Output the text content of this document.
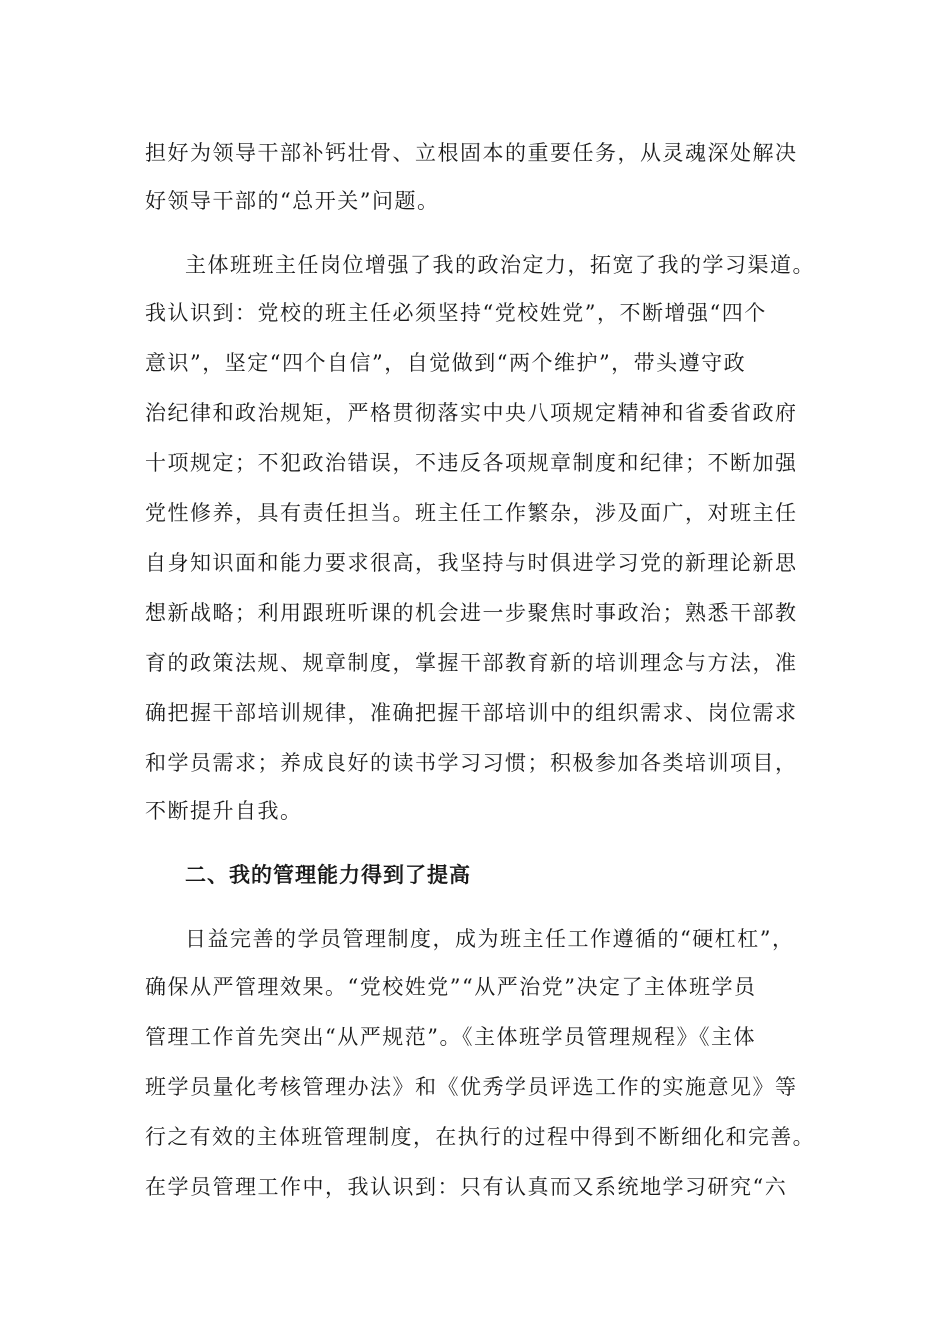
担好为领导干部补钙壮骨、立根固本的重要任务，从灵魂深处解决
好领导干部的“总开关”问题。
主体班班主任岗位增强了我的政治定力，拓宽了我的学习渠道。
我认识到：党校的班主任必须坚持“党校姓党”，不断增强“四个
意识”，坚定“四个自信”，自觉做到“两个维护”，带头遵守政
治纪律和政治规矩，严格贯彻落实中央八项规定精神和省委省政府
十项规定；不犯政治错误，不违反各项规章制度和纪律；不断加强
党性修养，具有责任担当。班主任工作繁杂，涉及面广，对班主任
自身知识面和能力要求很高，我坚持与时俱进学习党的新理论新思
想新战略；利用跟班听课的机会进一步聚焦时事政治；熟悉干部教
育的政策法规、规章制度，掌握干部教育新的培训理念与方法，准
确把握干部培训规律，准确把握干部培训中的组织需求、岗位需求
和学员需求；养成良好的读书学习习惯；积极参加各类培训项目，
不断提升自我。
二、我的管理能力得到了提高
日益完善的学员管理制度，成为班主任工作遵循的“硬杠杠”，
确保从严管理效果。“党校姓党”“从严治党”决定了主体班学员
管理工作首先突出“从严规范”。《主体班学员管理规程》《主体
班学员量化考核管理办法》和《优秀学员评选工作的实施意见》等
行之有效的主体班管理制度，在执行的过程中得到不断细化和完善。
在学员管理工作中，我认识到：只有认真而又系统地学习研究“六
